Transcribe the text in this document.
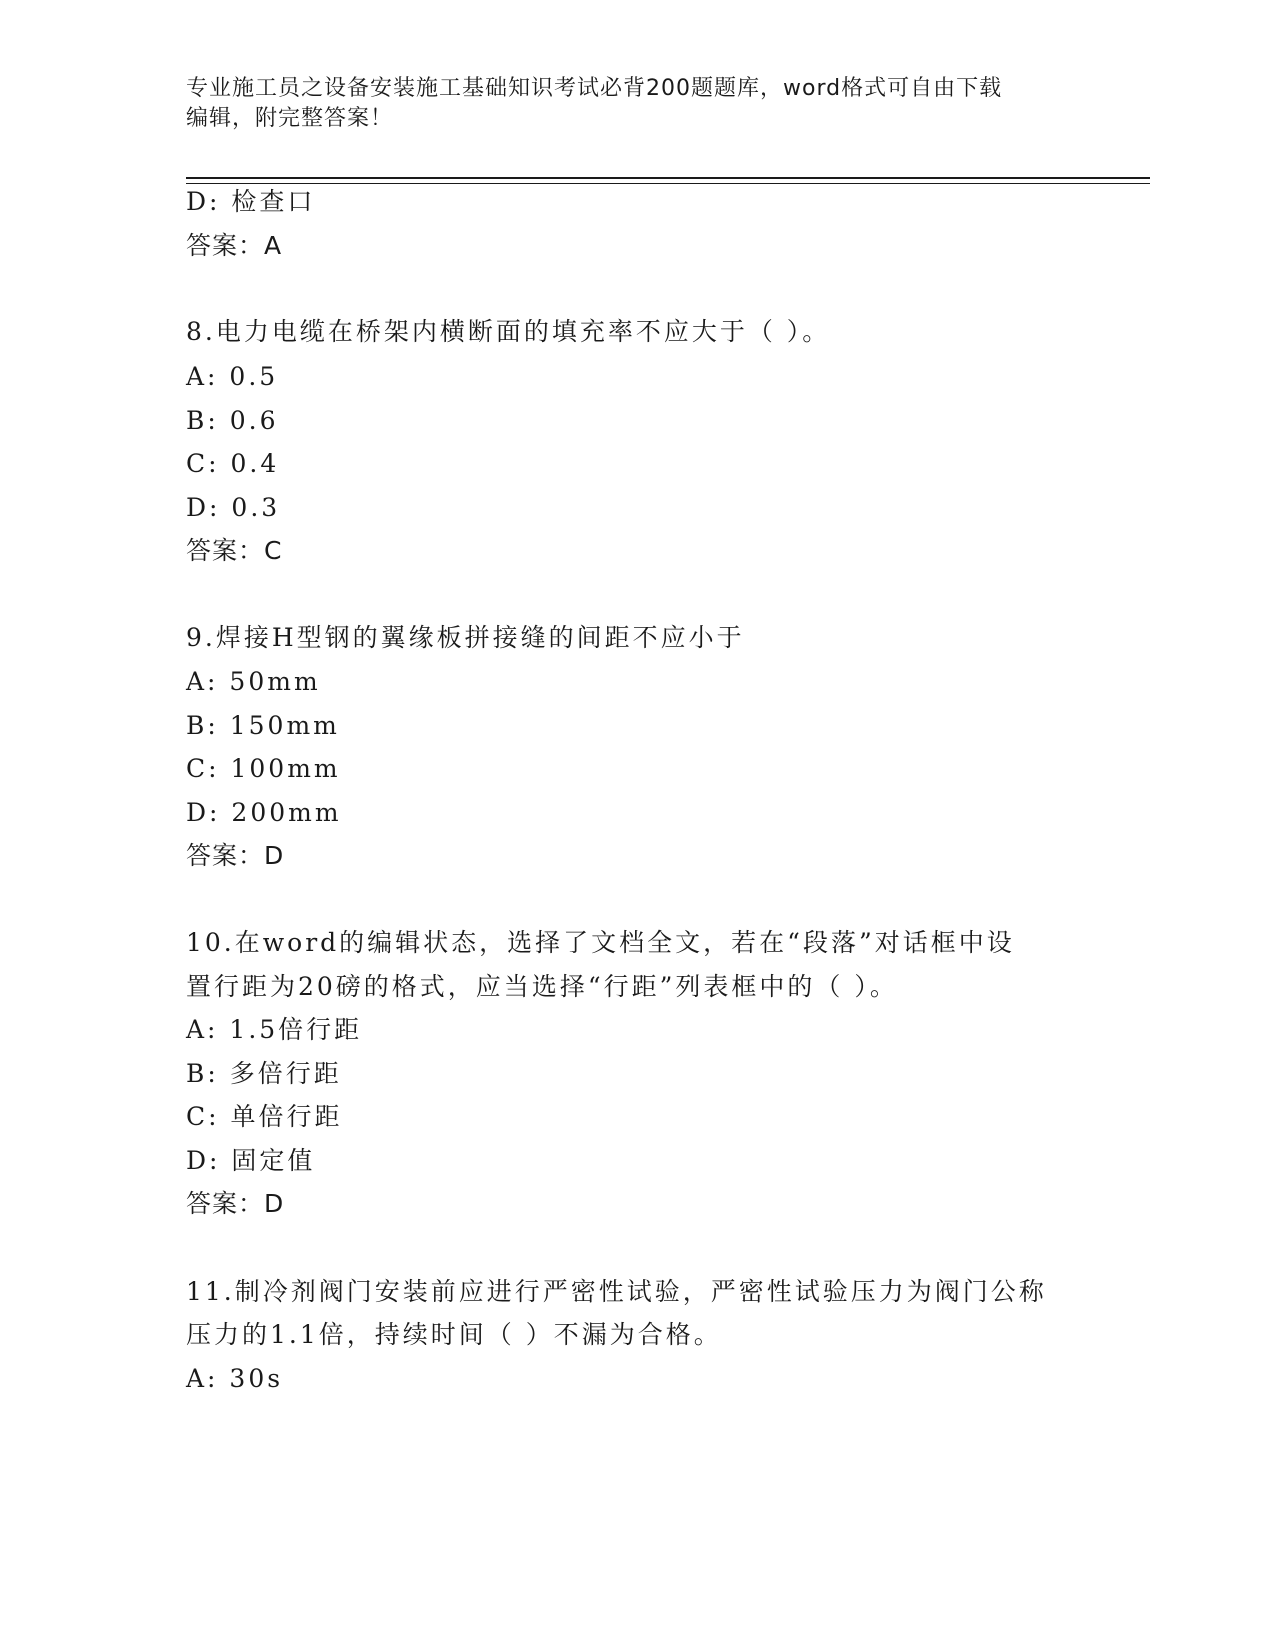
专业施工员之设备安装施工基础知识考试必背200题题库，word格式可自由下载
编辑，附完整答案！
D: 检查口
答案：A
8.电力电缆在桥架内横断面的填充率不应大于（ ）。
A: 0.5
B: 0.6
C: 0.4
D: 0.3
答案：C
9.焊接H型钢的翼缘板拼接缝的间距不应小于
A: 50mm
B: 150mm
C: 100mm
D: 200mm
答案：D
10.在word的编辑状态，选择了文档全文，若在“段落”对话框中设
置行距为20磅的格式，应当选择“行距”列表框中的（ ）。
A: 1.5倍行距
B: 多倍行距
C: 单倍行距
D: 固定值
答案：D
11.制冷剂阀门安装前应进行严密性试验，严密性试验压力为阀门公称
压力的1.1倍，持续时间（ ）不漏为合格。
A: 30s
